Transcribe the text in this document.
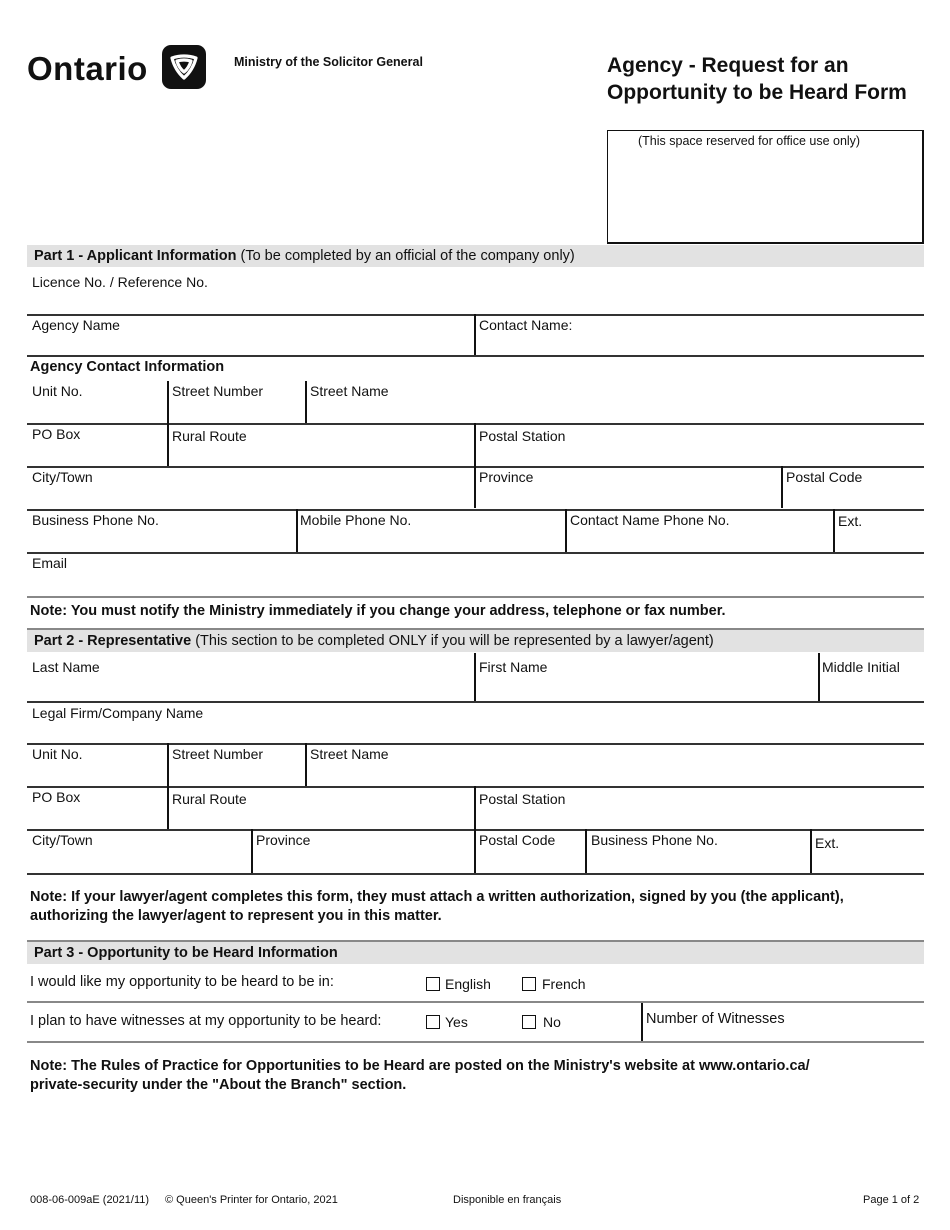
Ontario	Ministry of the Solicitor General	Agency - Request for an
Opportunity to be Heard Form
(This space reserved for office use only)
Part 1 - Applicant Information (To be completed by an official of the company only)
Licence No. / Reference No.
Agency Name	Contact Name:
Agency Contact Information
Unit No.	Street Number	Street Name
PO Box	Rural Route	Postal Station
City/Town	Province	Postal Code
Business Phone No.	Mobile Phone No.	Contact Name Phone No.	Ext.
Email
Note: You must notify the Ministry immediately if you change your address, telephone or fax number.
Part 2 - Representative (This section to be completed ONLY if you will be represented by a lawyer/agent)
Last Name	First Name	Middle Initial
Legal Firm/Company Name
Unit No.	Street Number	Street Name
PO Box	Rural Route	Postal Station
City/Town	Province	Postal Code	Business Phone No.	Ext.
Note: If your lawyer/agent completes this form, they must attach a written authorization, signed by you (the applicant),
authorizing the lawyer/agent to represent you in this matter.
Part 3 - Opportunity to be Heard Information
I would like my opportunity to be heard to be in:	English	French
I plan to have witnesses at my opportunity to be heard:	Yes	No	Number of Witnesses
Note: The Rules of Practice for Opportunities to be Heard are posted on the Ministry's website at www.ontario.ca/
private-security under the "About the Branch" section.
008-06-009aE (2021/11) © Queen's Printer for Ontario, 2021	Disponible en français	Page 1 of 2
